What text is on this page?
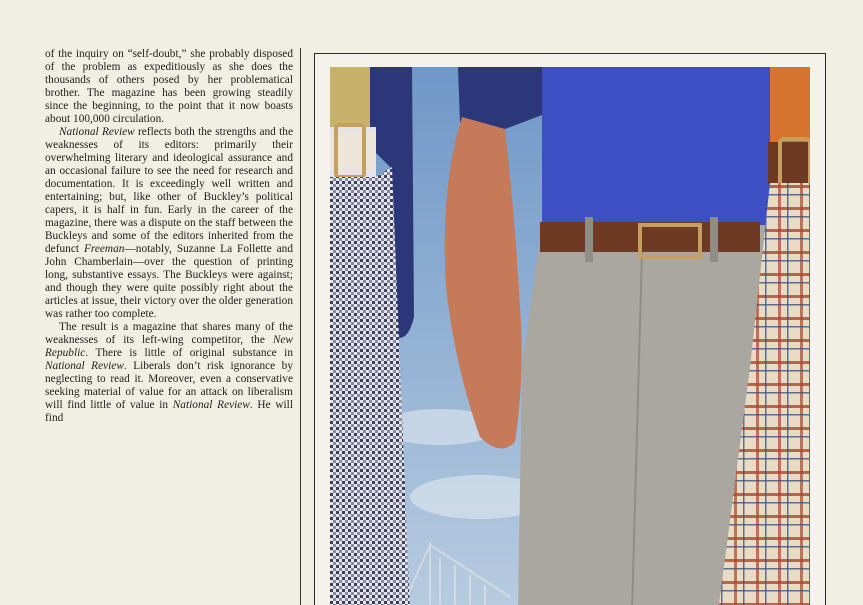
of the inquiry on “self-doubt,” she probably disposed of the problem as expeditiously as she does the thousands of others posed by her problematical brother. The magazine has been growing steadily since the beginning, to the point that it now boasts about 100,000 circulation.

National Review reflects both the strengths and the weaknesses of its editors: primarily their overwhelming literary and ideological assurance and an occasional failure to see the need for research and documentation. It is exceedingly well written and entertaining; but, like other of Buckley’s political capers, it is half in fun. Early in the career of the magazine, there was a dispute on the staff between the Buckleys and some of the editors inherited from the defunct Freeman—notably, Suzanne La Follette and John Chamberlain—over the question of printing long, substantive essays. The Buckleys were against; and though they were quite possibly right about the articles at issue, their victory over the older generation was rather too complete.

The result is a magazine that shares many of the weaknesses of its left-wing competitor, the New Republic. There is little of original substance in National Review. Liberals don’t risk ignorance by neglecting to read it. Moreover, even a conservative seeking material of value for an attack on liberalism will find little of value in National Review. He will find
